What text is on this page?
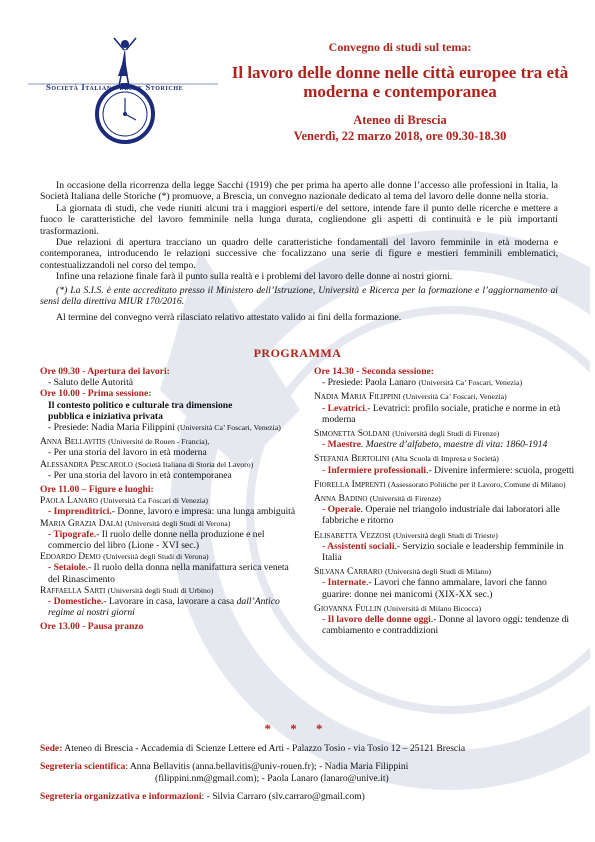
Società Italiana delle Storiche

Convegno di studi sul tema:

Il lavoro delle donne nelle città europee tra età moderna e contemporanea

Ateneo di Brescia

Venerdì, 22 marzo 2018, ore 09.30-18.30

In occasione della ricorrenza della legge Sacchi (1919) che per prima ha aperto alle donne l’accesso alle professioni in Italia, la Società Italiana delle Storiche (*) promuove, a Brescia, un convegno nazionale dedicato al tema del lavoro delle donne nella storia.

La giornata di studi, che vede riuniti alcuni tra i maggiori esperti/e del settore, intende fare il punto delle ricerche e mettere a fuoco le caratteristiche del lavoro femminile nella lunga durata, cogliendone gli aspetti di continuità e le più importanti trasformazioni.

Due relazioni di apertura tracciano un quadro delle caratteristiche fondamentali del lavoro femminile in età moderna e contemporanea, introducendo le relazioni successive che focalizzano una serie di figure e mestieri femminili emblematici, contestualizzandoli nel corso del tempo.

Infine una relazione finale farà il punto sulla realtà e i problemi del lavoro delle donne ai nostri giorni.

(*) La S.I.S. è ente accreditato presso il Ministero dell’Istruzione, Università e Ricerca per la formazione e l’aggiornamento ai sensi della direttiva MIUR 170/2016.

Al termine del convegno verrà rilasciato relativo attestato valido ai fini della formazione.

PROGRAMMA
Ore 09.30 - Apertura dei lavori:
- Saluto delle Autorità
Ore 10.00 - Prima sessione:
Il contesto politico e culturale tra dimensione pubblica e iniziativa privata
- Presiede: Nadia Maria Filippini (Università Ca’ Foscari, Venezia)
Anna Bellavitis (Université de Rouen - Francia),
- Per una storia del lavoro in età moderna
Alessandra Pescarolo (Società Italiana di Storia del Lavoro)
- Per una storia del lavoro in età contemporanea
Ore 11.00 – Figure e luoghi:
Paola Lanaro (Università Ca Foscari di Venezia)
- Imprenditrici.- Donne, lavoro e impresa: una lunga ambiguità
Maria Grazia Dalai (Università degli Studi di Verona)
- Tipografe.- Il ruolo delle donne nella produzione e nel commercio del libro (Lione - XVI sec.)
Edoardo Demo (Università degli Studi di Verona)
- Setaiole.- Il ruolo della donna nella manifattura serica veneta del Rinascimento
Raffaella Sarti (Università degli Studi di Urbino)
- Domestiche.- Lavorare in casa, lavorare a casa dall’Antico regime ai nostri giorni
Ore 13.00 - Pausa pranzo
Ore 14.30 - Seconda sessione:
- Presiede: Paola Lanaro (Università Ca’ Foscari, Venezia)
Nadia Maria Filippini (Università Ca’ Foscari, Venezia)
- Levatrici.- Levatrici: profilo sociale, pratiche e norme in età moderna
Simonetta Soldani (Università degli Studi di Firenze)
- Maestre. Maestre d’alfabeto, maestre di vita: 1860-1914
Stefania Bertolini (Alta Scuola di Impresa e Società)
- Infermiere professionali.- Divenire infermiere: scuola, progetti
Fiorella Imprenti (Assessorato Politiche per il Lavoro, Comune di Milano)
Anna Badino (Università di Firenze)
- Operaie. Operaie nel triangolo industriale dai laboratori alle fabbriche e ritorno
Elisabetta Vezzosi (Università degli Studi di Trieste)
- Assistenti sociali.- Servizio sociale e leadership femminile in Italia
Silvana Carraro (Università degli Studi di Milano)
- Internate.- Lavori che fanno ammalare, lavori che fanno guarire: donne nei manicomi (XIX-XX sec.)
Giovanna Fullin (Università di Milano Bicocca)
- Il lavoro delle donne oggi.- Donne al lavoro oggi: tendenze di cambiamento e contraddizioni
* * *

Sede: Ateneo di Brescia - Accademia di Scienze Lettere ed Arti - Palazzo Tosio - via Tosio 12 – 25121 Brescia

Segreteria scientifica: Anna Bellavitis (anna.bellavitis@univ-rouen.fr); - Nadia Maria Filippini

(filippini.nm@gmail.com); - Paola Lanaro (lanaro@unive.it)

Segreteria organizzativa e informazioni: - Silvia Carraro (slv.carraro@gmail.com)
